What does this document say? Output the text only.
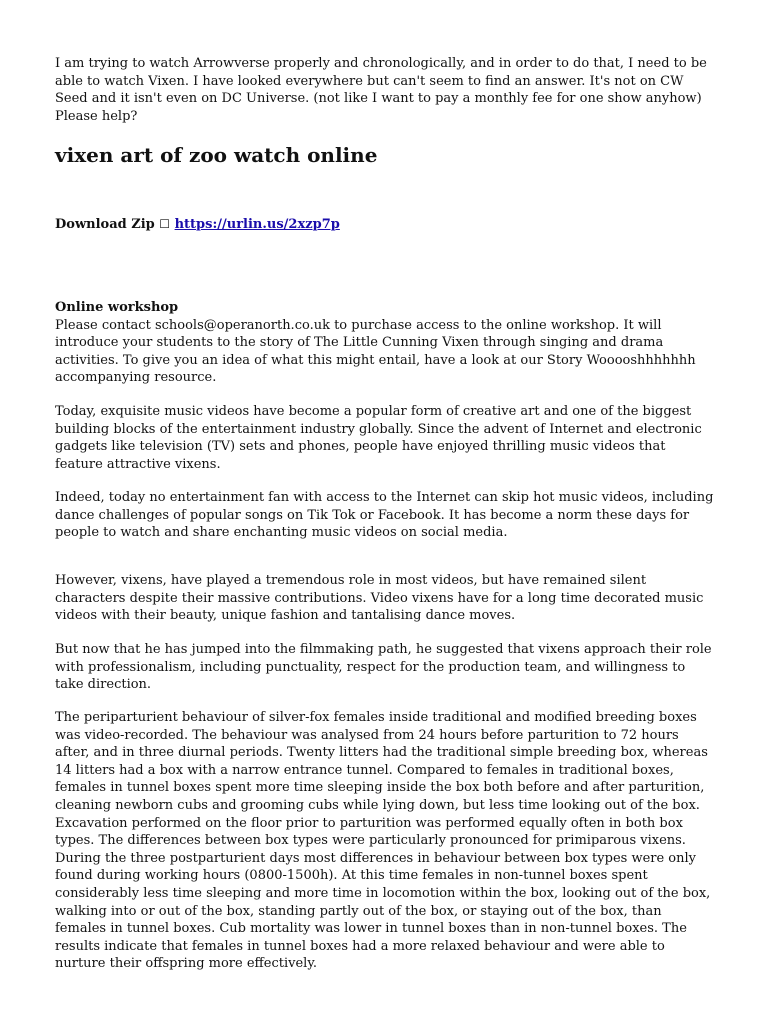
I am trying to watch Arrowverse properly and chronologically, and in order to do that, I need to be able to watch Vixen. I have looked everywhere but can't seem to find an answer. It's not on CW Seed and it isn't even on DC Universe. (not like I want to pay a monthly fee for one show anyhow) Please help?

vixen art of zoo watch online

Download Zip ☐ https://urlin.us/2xzp7p

Online workshop
Please contact schools@operanorth.co.uk to purchase access to the online workshop. It will introduce your students to the story of The Little Cunning Vixen through singing and drama activities. To give you an idea of what this might entail, have a look at our Story Wooooshhhhhhh accompanying resource.

Today, exquisite music videos have become a popular form of creative art and one of the biggest building blocks of the entertainment industry globally. Since the advent of Internet and electronic gadgets like television (TV) sets and phones, people have enjoyed thrilling music videos that feature attractive vixens.

Indeed, today no entertainment fan with access to the Internet can skip hot music videos, including dance challenges of popular songs on Tik Tok or Facebook. It has become a norm these days for people to watch and share enchanting music videos on social media.

However, vixens, have played a tremendous role in most videos, but have remained silent characters despite their massive contributions. Video vixens have for a long time decorated music videos with their beauty, unique fashion and tantalising dance moves.

But now that he has jumped into the filmmaking path, he suggested that vixens approach their role with professionalism, including punctuality, respect for the production team, and willingness to take direction.

The periparturient behaviour of silver-fox females inside traditional and modified breeding boxes was video-recorded. The behaviour was analysed from 24 hours before parturition to 72 hours after, and in three diurnal periods. Twenty litters had the traditional simple breeding box, whereas 14 litters had a box with a narrow entrance tunnel. Compared to females in traditional boxes, females in tunnel boxes spent more time sleeping inside the box both before and after parturition, cleaning newborn cubs and grooming cubs while lying down, but less time looking out of the box. Excavation performed on the floor prior to parturition was performed equally often in both box types. The differences between box types were particularly pronounced for primiparous vixens. During the three postparturient days most differences in behaviour between box types were only found during working hours (0800-1500h). At this time females in non-tunnel boxes spent considerably less time sleeping and more time in locomotion within the box, looking out of the box, walking into or out of the box, standing partly out of the box, or staying out of the box, than females in tunnel boxes. Cub mortality was lower in tunnel boxes than in non-tunnel boxes. The results indicate that females in tunnel boxes had a more relaxed behaviour and were able to nurture their offspring more effectively.
